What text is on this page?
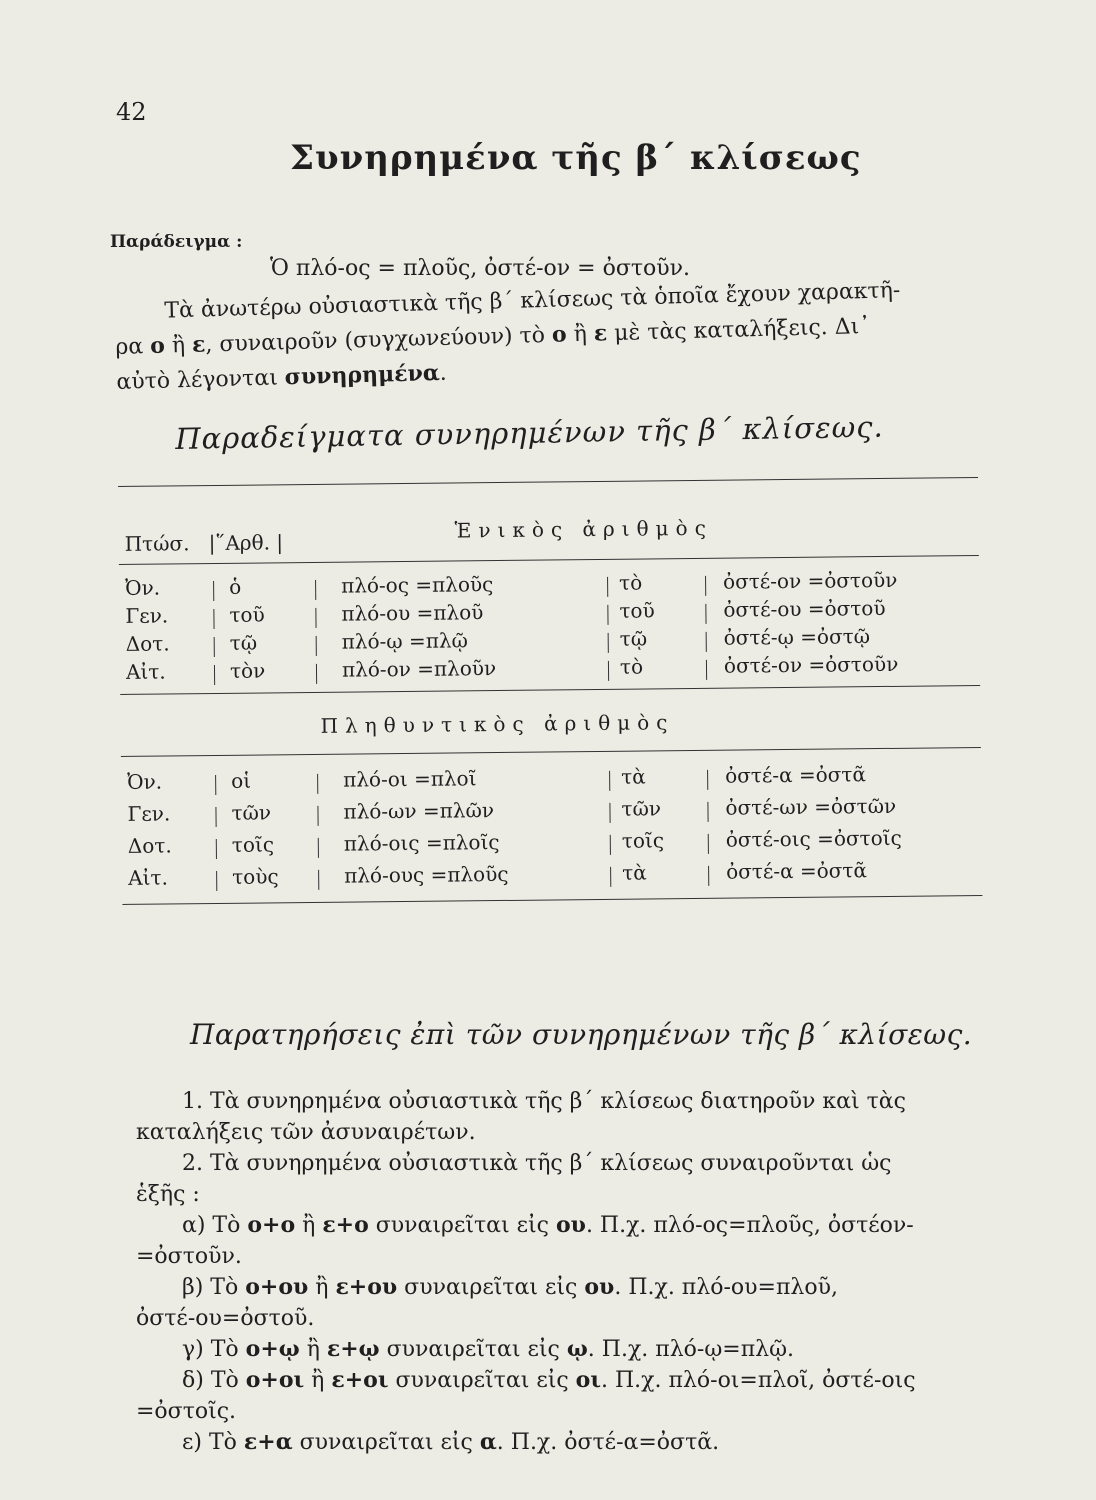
42
Συνηρημένα τῆς β΄ κλίσεως
Παράδειγμα :
Ὁ πλό-ος = πλοῦς, ὀστέ-ον = ὀστοῦν.

Τὰ ἀνωτέρω οὐσιαστικὰ τῆς β΄ κλίσεως τὰ ὁποῖα ἔχουν χαρακτῆ-

ρα ο ἢ ε, συναιροῦν (συγχωνεύουν) τὸ ο ἢ ε μὲ τὰς καταλήξεις. Δι᾽
αὐτὸ λέγονται συνηρημένα.
Παραδείγματα συνηρημένων τῆς β΄ κλίσεως.
Πτώσ. |῞Αρθ. |
Ἑνικὸς ἀριθμὸς
Ὀν.	ὁ	πλό-ος =πλοῦς	τὸ	ὀστέ-ον =ὀστοῦν
Γεν.	τοῦ	πλό-ου =πλοῦ	τοῦ	ὀστέ-ου =ὀστοῦ
Δοτ.	τῷ	πλό-ῳ =πλῷ	τῷ	ὀστέ-ῳ =ὀστῷ
Αἰτ.	τὸν	πλό-ον =πλοῦν	τὸ	ὀστέ-ον =ὀστοῦν
Πληθυντικὸς ἀριθμὸς
Ὀν.	οἱ	πλό-οι =πλοῖ	τὰ	ὀστέ-α =ὀστᾶ
Γεν.	τῶν	πλό-ων =πλῶν	τῶν	ὀστέ-ων =ὀστῶν
Δοτ.	τοῖς	πλό-οις =πλοῖς	τοῖς	ὀστέ-οις =ὀστοῖς
Αἰτ.	τοὺς	πλό-ους =πλοῦς	τὰ	ὀστέ-α =ὀστᾶ
Παρατηρήσεις ἐπὶ τῶν συνηρημένων τῆς β΄ κλίσεως.

1. Τὰ συνηρημένα οὐσιαστικὰ τῆς β΄ κλίσεως διατηροῦν καὶ τὰς

καταλήξεις τῶν ἀσυναιρέτων.

2. Τὰ συνηρημένα οὐσιαστικὰ τῆς β΄ κλίσεως συναιροῦνται ὡς

ἑξῆς :

α) Τὸ ο+ο ἢ ε+ο συναιρεῖται εἰς ου. Π.χ. πλό-ος=πλοῦς, ὀστέον-

=ὀστοῦν.

β) Τὸ ο+ου ἢ ε+ου συναιρεῖται εἰς ου. Π.χ. πλό-ου=πλοῦ,

ὀστέ-ου=ὀστοῦ.

γ) Τὸ ο+ῳ ἢ ε+ῳ συναιρεῖται εἰς ῳ. Π.χ. πλό-ῳ=πλῷ.

δ) Τὸ ο+οι ἢ ε+οι συναιρεῖται εἰς οι. Π.χ. πλό-οι=πλοῖ, ὀστέ-οις

=ὀστοῖς.

ε) Τὸ ε+α συναιρεῖται εἰς α. Π.χ. ὀστέ-α=ὀστᾶ.
